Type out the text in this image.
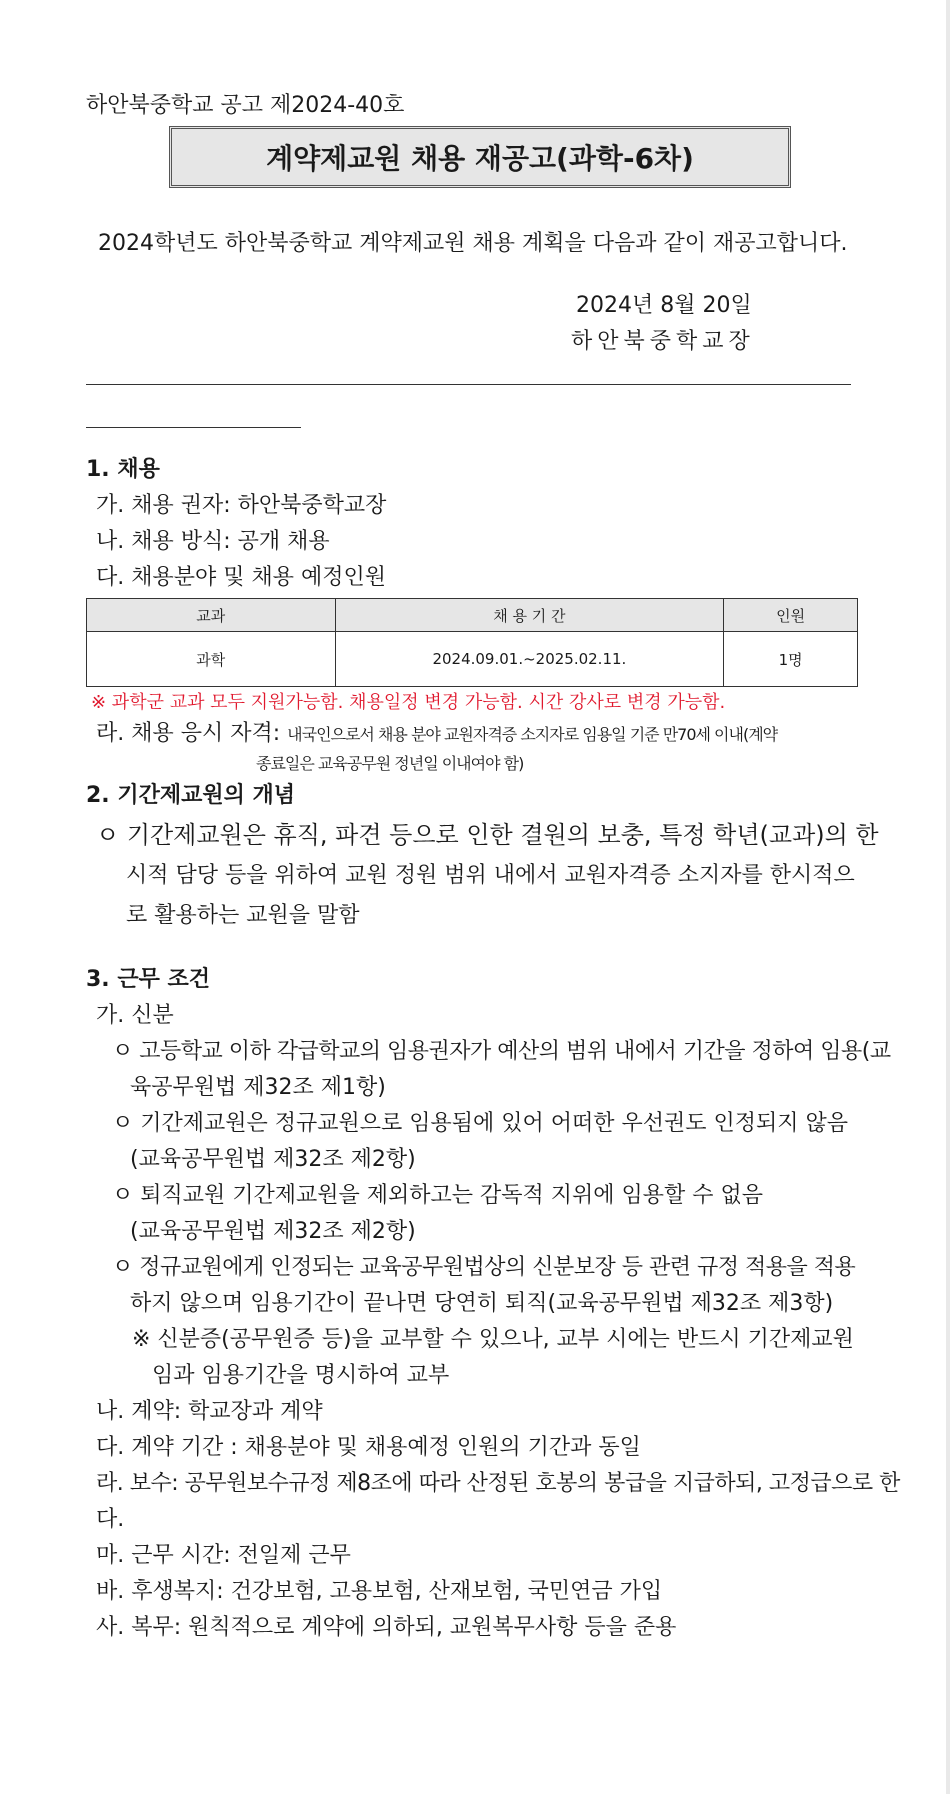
하안북중학교 공고 제2024-40호
계약제교원 채용 재공고(과학-6차)
2024학년도 하안북중학교 계약제교원 채용 계획을 다음과 같이 재공고합니다.
2024년 8월 20일
하안북중학교장
1. 채용
가. 채용 권자: 하안북중학교장
나. 채용 방식: 공개 채용
다. 채용분야 및 채용 예정인원
교과	채 용 기 간	인원
과학	2024.09.01.~2025.02.11.	1명
※ 과학군 교과 모두 지원가능함. 채용일정 변경 가능함. 시간 강사로 변경 가능함.
라. 채용 응시 자격: 내국인으로서 채용 분야 교원자격증 소지자로 임용일 기준 만70세 이내(계약
종료일은 교육공무원 정년일 이내여야 함)
2. 기간제교원의 개념
ㅇ 기간제교원은 휴직, 파견 등으로 인한 결원의 보충, 특정 학년(교과)의 한
시적 담당 등을 위하여 교원 정원 범위 내에서 교원자격증 소지자를 한시적으
로 활용하는 교원을 말함
3. 근무 조건
가. 신분
ㅇ 고등학교 이하 각급학교의 임용권자가 예산의 범위 내에서 기간을 정하여 임용(교
육공무원법 제32조 제1항)
ㅇ 기간제교원은 정규교원으로 임용됨에 있어 어떠한 우선권도 인정되지 않음
(교육공무원법 제32조 제2항)
ㅇ 퇴직교원 기간제교원을 제외하고는 감독적 지위에 임용할 수 없음
(교육공무원법 제32조 제2항)
ㅇ 정규교원에게 인정되는 교육공무원법상의 신분보장 등 관련 규정 적용을 적용
하지 않으며 임용기간이 끝나면 당연히 퇴직(교육공무원법 제32조 제3항)
※ 신분증(공무원증 등)을 교부할 수 있으나, 교부 시에는 반드시 기간제교원
임과 임용기간을 명시하여 교부
나. 계약: 학교장과 계약
다. 계약 기간 : 채용분야 및 채용예정 인원의 기간과 동일
라. 보수: 공무원보수규정 제8조에 따라 산정된 호봉의 봉급을 지급하되, 고정급으로 한
다.
마. 근무 시간: 전일제 근무
바. 후생복지: 건강보험, 고용보험, 산재보험, 국민연금 가입
사. 복무: 원칙적으로 계약에 의하되, 교원복무사항 등을 준용
